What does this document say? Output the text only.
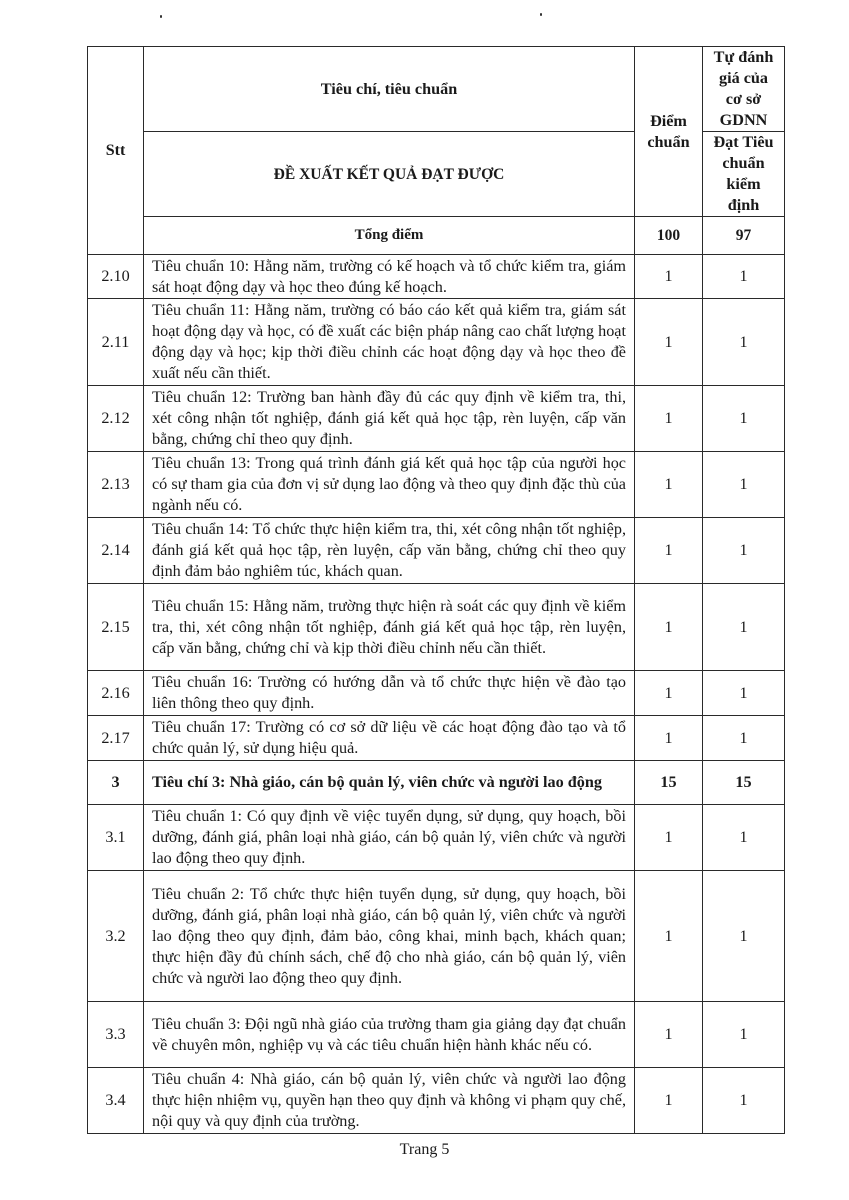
Stt	Tiêu chí, tiêu chuẩn	Điểm chuẩn	Tự đánh giá của cơ sở GDNN
	ĐỀ XUẤT KẾT QUẢ ĐẠT ĐƯỢC		Đạt Tiêu chuẩn kiểm định
	Tổng điểm	100	97
2.10	Tiêu chuẩn 10: Hằng năm, trường có kế hoạch và tổ chức kiểm tra, giám sát hoạt động dạy và học theo đúng kế hoạch.	1	1
2.11	Tiêu chuẩn 11: Hằng năm, trường có báo cáo kết quả kiểm tra, giám sát hoạt động dạy và học, có đề xuất các biện pháp nâng cao chất lượng hoạt động dạy và học; kịp thời điều chỉnh các hoạt động dạy và học theo đề xuất nếu cần thiết.	1	1
2.12	Tiêu chuẩn 12: Trường ban hành đầy đủ các quy định về kiểm tra, thi, xét công nhận tốt nghiệp, đánh giá kết quả học tập, rèn luyện, cấp văn bằng, chứng chỉ theo quy định.	1	1
2.13	Tiêu chuẩn 13: Trong quá trình đánh giá kết quả học tập của người học có sự tham gia của đơn vị sử dụng lao động và theo quy định đặc thù của ngành nếu có.	1	1
2.14	Tiêu chuẩn 14: Tổ chức thực hiện kiểm tra, thi, xét công nhận tốt nghiệp, đánh giá kết quả học tập, rèn luyện, cấp văn bằng, chứng chỉ theo quy định đảm bảo nghiêm túc, khách quan.	1	1
2.15	Tiêu chuẩn 15: Hằng năm, trường thực hiện rà soát các quy định về kiểm tra, thi, xét công nhận tốt nghiệp, đánh giá kết quả học tập, rèn luyện, cấp văn bằng, chứng chỉ và kịp thời điều chỉnh nếu cần thiết.	1	1
2.16	Tiêu chuẩn 16: Trường có hướng dẫn và tổ chức thực hiện về đào tạo liên thông theo quy định.	1	1
2.17	Tiêu chuẩn 17: Trường có cơ sở dữ liệu về các hoạt động đào tạo và tổ chức quản lý, sử dụng hiệu quả.	1	1
3	Tiêu chí 3: Nhà giáo, cán bộ quản lý, viên chức và người lao động	15	15
3.1	Tiêu chuẩn 1: Có quy định về việc tuyển dụng, sử dụng, quy hoạch, bồi dưỡng, đánh giá, phân loại nhà giáo, cán bộ quản lý, viên chức và người lao động theo quy định.	1	1
3.2	Tiêu chuẩn 2: Tổ chức thực hiện tuyển dụng, sử dụng, quy hoạch, bồi dưỡng, đánh giá, phân loại nhà giáo, cán bộ quản lý, viên chức và người lao động theo quy định, đảm bảo, công khai, minh bạch, khách quan; thực hiện đầy đủ chính sách, chế độ cho nhà giáo, cán bộ quản lý, viên chức và người lao động theo quy định.	1	1
3.3	Tiêu chuẩn 3: Đội ngũ nhà giáo của trường tham gia giảng dạy đạt chuẩn về chuyên môn, nghiệp vụ và các tiêu chuẩn hiện hành khác nếu có.	1	1
3.4	Tiêu chuẩn 4: Nhà giáo, cán bộ quản lý, viên chức và người lao động thực hiện nhiệm vụ, quyền hạn theo quy định và không vi phạm quy chế, nội quy và quy định của trường.	1	1
Trang 5
